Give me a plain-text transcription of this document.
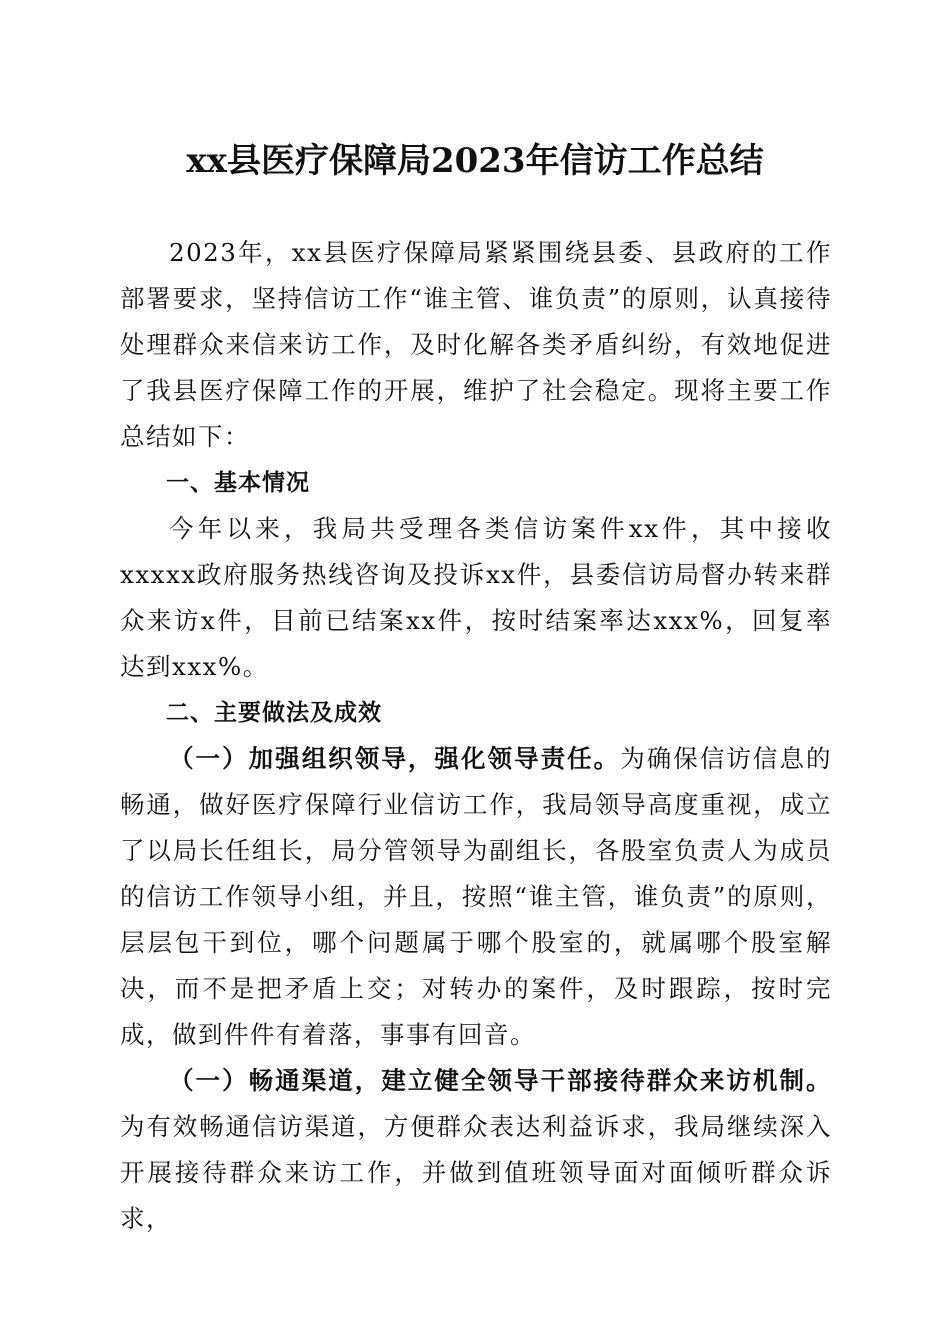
xx县医疗保障局2023年信访工作总结

2023年，xx县医疗保障局紧紧围绕县委、县政府的工作部署要求，坚持信访工作“谁主管、谁负责”的原则，认真接待处理群众来信来访工作，及时化解各类矛盾纠纷，有效地促进了我县医疗保障工作的开展，维护了社会稳定。现将主要工作总结如下：

一、基本情况

今年以来，我局共受理各类信访案件xx件，其中接收xxxxx政府服务热线咨询及投诉xx件，县委信访局督办转来群众来访x件，目前已结案xx件，按时结案率达xxx%，回复率达到xxx%。

二、主要做法及成效

（一）加强组织领导，强化领导责任。为确保信访信息的畅通，做好医疗保障行业信访工作，我局领导高度重视，成立了以局长任组长，局分管领导为副组长，各股室负责人为成员的信访工作领导小组，并且，按照“谁主管，谁负责”的原则，层层包干到位，哪个问题属于哪个股室的，就属哪个股室解决，而不是把矛盾上交；对转办的案件，及时跟踪，按时完成，做到件件有着落，事事有回音。

（一）畅通渠道，建立健全领导干部接待群众来访机制。为有效畅通信访渠道，方便群众表达利益诉求，我局继续深入开展接待群众来访工作，并做到值班领导面对面倾听群众诉求，
